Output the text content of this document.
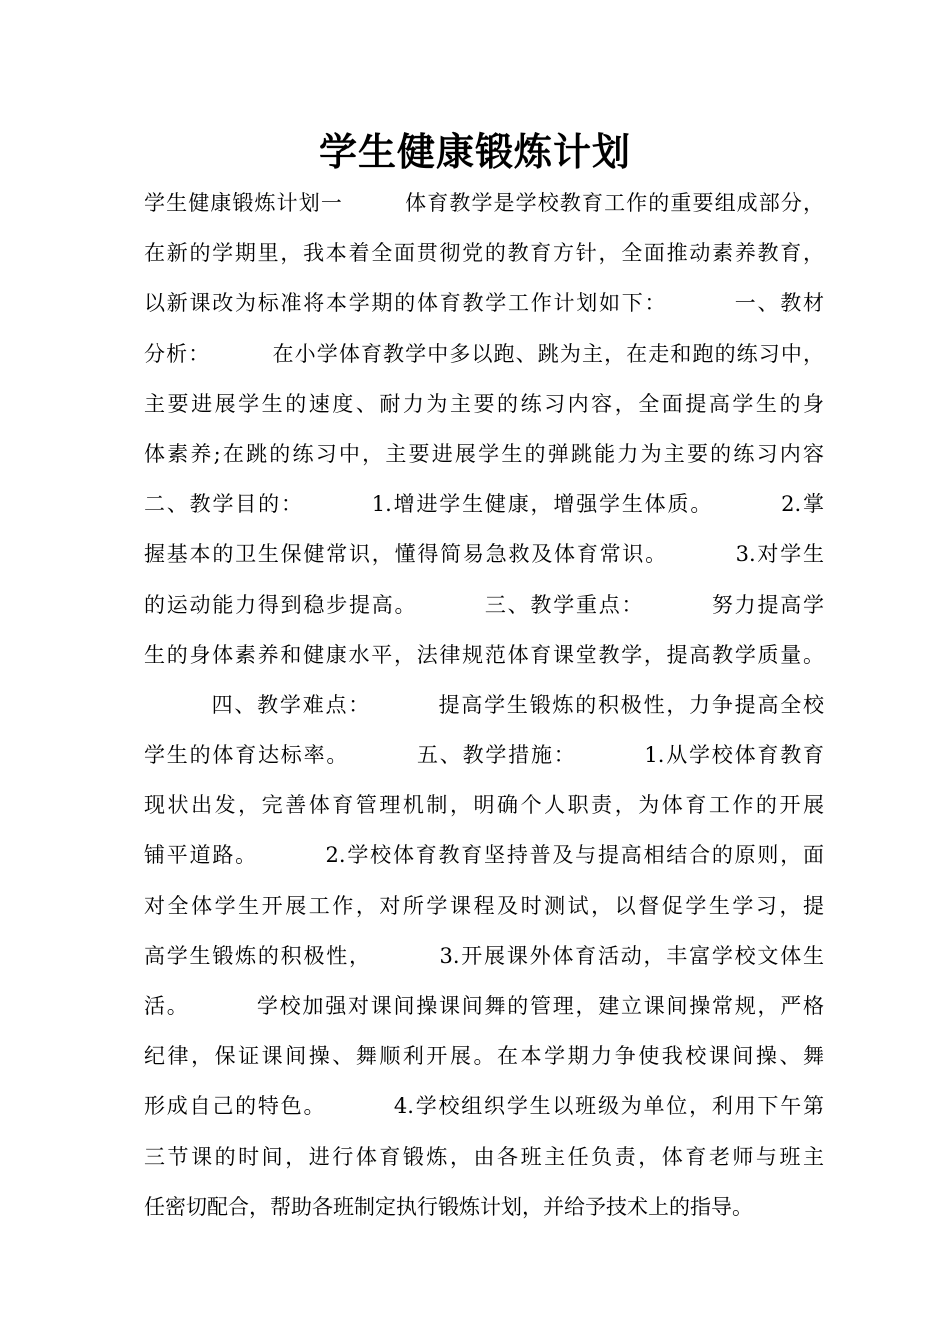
学生健康锻炼计划
学生健康锻炼计划一        体育教学是学校教育工作的重要组成部分，
在新的学期里，我本着全面贯彻党的教育方针，全面推动素养教育，
以新课改为标准将本学期的体育教学工作计划如下：        一、教材
分析：        在小学体育教学中多以跑、跳为主，在走和跑的练习中，
主要进展学生的速度、耐力为主要的练习内容，全面提高学生的身
体素养;在跳的练习中，主要进展学生的弹跳能力为主要的练习内容
二、教学目的：        1.增进学生健康，增强学生体质。        2.掌
握基本的卫生保健常识，懂得简易急救及体育常识。        3.对学生
的运动能力得到稳步提高。        三、教学重点：        努力提高学
生的身体素养和健康水平，法律规范体育课堂教学，提高教学质量。
四、教学难点：        提高学生锻炼的积极性，力争提高全校
学生的体育达标率。        五、教学措施：        1.从学校体育教育
现状出发，完善体育管理机制，明确个人职责，为体育工作的开展
铺平道路。        2.学校体育教育坚持普及与提高相结合的原则，面
对全体学生开展工作，对所学课程及时测试，以督促学生学习，提
高学生锻炼的积极性，        3.开展课外体育活动，丰富学校文体生
活。        学校加强对课间操课间舞的管理，建立课间操常规，严格
纪律，保证课间操、舞顺利开展。在本学期力争使我校课间操、舞
形成自己的特色。        4.学校组织学生以班级为单位，利用下午第
三节课的时间，进行体育锻炼，由各班主任负责，体育老师与班主
任密切配合，帮助各班制定执行锻炼计划，并给予技术上的指导。
